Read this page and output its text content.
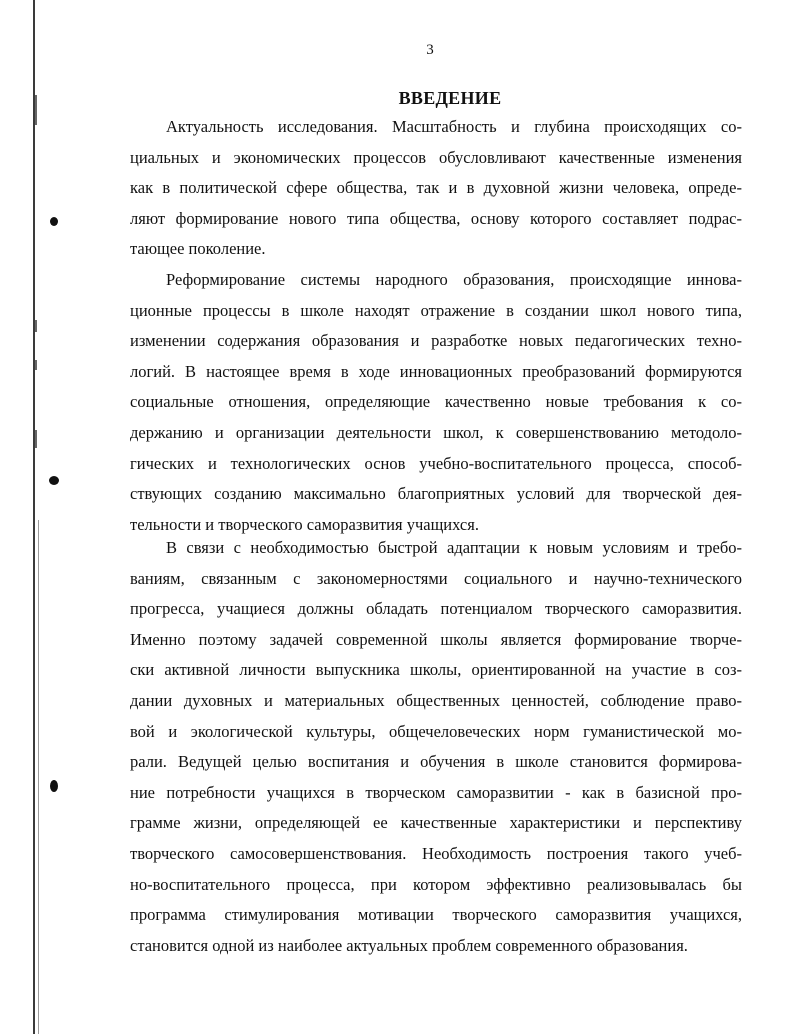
3
ВВЕДЕНИЕ
Актуальность исследования. Масштабность и глубина происходящих со-
циальных и экономических процессов обусловливают качественные изменения
как в политической сфере общества, так и в духовной жизни человека, опреде-
ляют формирование нового типа общества, основу которого составляет подрас-
тающее поколение.
Реформирование системы народного образования, происходящие иннова-
ционные процессы в школе находят отражение в создании школ нового типа,
изменении содержания образования и разработке новых педагогических техно-
логий. В настоящее время в ходе инновационных преобразований формируются
социальные отношения, определяющие качественно новые требования к со-
держанию и организации деятельности школ, к совершенствованию методоло-
гических и технологических основ учебно-воспитательного процесса, способ-
ствующих созданию максимально благоприятных условий для творческой дея-
тельности и творческого саморазвития учащихся.
В связи с необходимостью быстрой адаптации к новым условиям и требо-
ваниям, связанным с закономерностями социального и научно-технического
прогресса, учащиеся должны обладать потенциалом творческого саморазвития.
Именно поэтому задачей современной школы является формирование творче-
ски активной личности выпускника школы, ориентированной на участие в соз-
дании духовных и материальных общественных ценностей, соблюдение право-
вой и экологической культуры, общечеловеческих норм гуманистической мо-
рали. Ведущей целью воспитания и обучения в школе становится формирова-
ние потребности учащихся в творческом саморазвитии - как в базисной про-
грамме жизни, определяющей ее качественные характеристики и перспективу
творческого самосовершенствования. Необходимость построения такого учеб-
но-воспитательного процесса, при котором эффективно реализовывалась бы
программа стимулирования мотивации творческого саморазвития учащихся,
становится одной из наиболее актуальных проблем современного образования.
